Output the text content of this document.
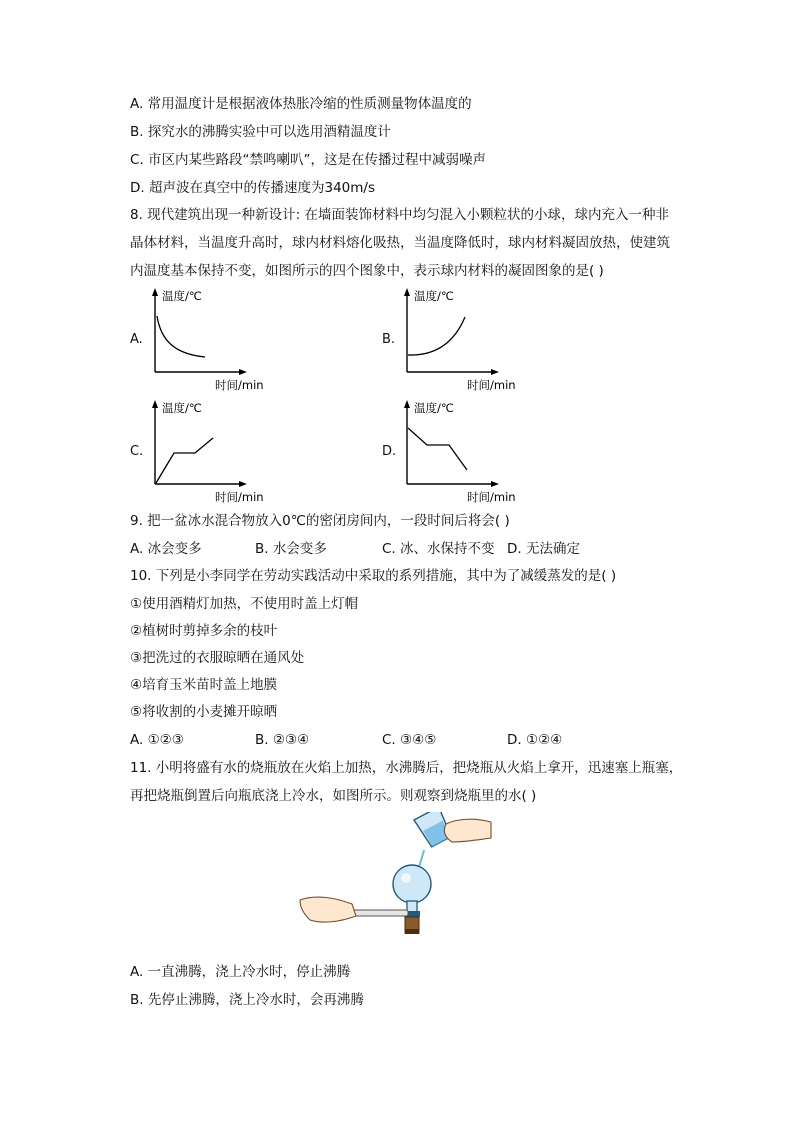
A. 常用温度计是根据液体热胀冷缩的性质测量物体温度的
B. 探究水的沸腾实验中可以选用酒精温度计
C. 市区内某些路段“禁鸣喇叭”，这是在传播过程中减弱噪声
D. 超声波在真空中的传播速度为340m/s
8. 现代建筑出现一种新设计: 在墙面装饰材料中均匀混入小颗粒状的小球，球内充入一种非
晶体材料，当温度升高时，球内材料熔化吸热，当温度降低时，球内材料凝固放热，使建筑
内温度基本保持不变，如图所示的四个图象中，表示球内材料的凝固图象的是( )
A.
温度/℃
时间/min
B.
温度/℃
时间/min
C.
温度/℃
时间/min
D.
温度/℃
时间/min
9. 把一盆冰水混合物放入0℃的密闭房间内，一段时间后将会( )
A. 冰会变多	B. 水会变多	C. 冰、水保持不变 D. 无法确定
10. 下列是小李同学在劳动实践活动中采取的系列措施，其中为了减缓蒸发的是( )
①使用酒精灯加热，不使用时盖上灯帽
②植树时剪掉多余的枝叶
③把洗过的衣服晾晒在通风处
④培育玉米苗时盖上地膜
⑤将收割的小麦摊开晾晒
A. ①②③	B. ②③④	C. ③④⑤	D. ①②④
11. 小明将盛有水的烧瓶放在火焰上加热，水沸腾后，把烧瓶从火焰上拿开，迅速塞上瓶塞，
再把烧瓶倒置后向瓶底浇上冷水，如图所示。则观察到烧瓶里的水( )
A. 一直沸腾，浇上冷水时，停止沸腾
B. 先停止沸腾，浇上冷水时，会再沸腾
